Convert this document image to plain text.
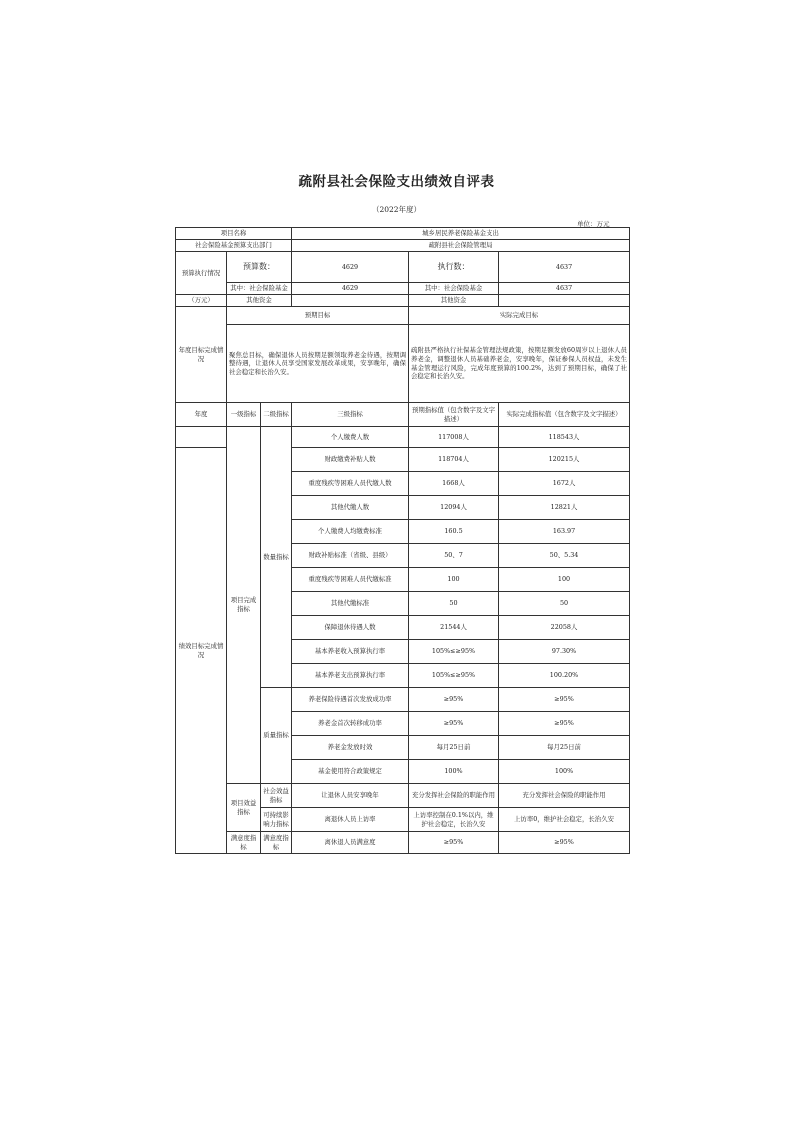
疏附县社会保险支出绩效自评表
（2022年度）
单位：万元
项目名称			城乡居民养老保险基金支出		
社会保险基金预算支出部门			疏附县社会保险管理局		
预算执行情况	预算数：		4629	执行数：	4637
	其中：社会保险基金		4629	其中：社会保险基金	4637
（万元）	其他资金			其他资金	
年度目标完成情况	预期目标			实际完成目标	
	聚焦总目标，确保退休人员按期足额领取养老金待遇，按期调整待遇，让退休人员享受国家发展改革成果，安享晚年，确保社会稳定和长治久安。			疏附县严格执行社保基金管理法规政策，按期足额发放60周岁以上退休人员养老金，调整退休人员基础养老金，安享晚年，保证参保人员权益，未发生基金管理运行风险，完成年度预算的100.2%，达到了预期目标，确保了社会稳定和长治久安。	
年度	一级指标	二级指标	三级指标	预期指标值（包含数字及文字描述）	实际完成指标值（包含数字及文字描述）
	项目完成指标	数量指标	个人缴费人数	117008人	118543人
绩效目标完成情况			财政缴费补贴人数	118704人	120215人
			重度残疾等困难人员代缴人数	1668人	1672人
			其他代缴人数	12094人	12821人
			个人缴费人均缴费标准	160.5	163.97
			财政补贴标准（省级、县级）	50、7	50、5.34
			重度残疾等困难人员代缴标准	100	100
			其他代缴标准	50	50
			保障退休待遇人数	21544人	22058人
			基本养老收入预算执行率	105%≤≥95%	97.30%
			基本养老支出预算执行率	105%≤≥95%	100.20%
		质量指标	养老保险待遇首次发放成功率	≥95%	≥95%
			养老金首次转移成功率	≥95%	≥95%
			养老金发放时效	每月25日前	每月25日前
			基金使用符合政策规定	100%	100%
	项目效益指标	社会效益指标	让退休人员安享晚年	充分发挥社会保险的职能作用	充分发挥社会保险的职能作用
		可持续影响力指标	离退休人员上访率	上访率控制在0.1%以内，维护社会稳定，长治久安	上访率0，维护社会稳定，长治久安
	满意度指标	满意度指标	离休退人员满意度	≥95%	≥95%
